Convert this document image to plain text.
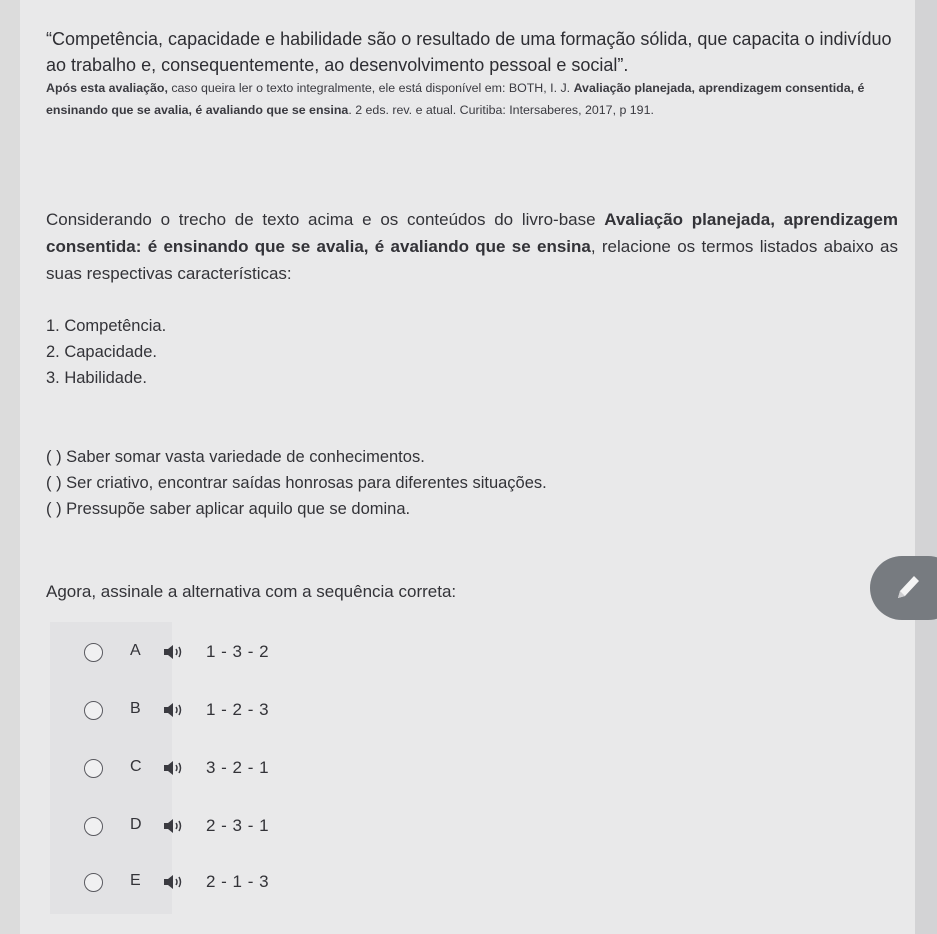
“Competência, capacidade e habilidade são o resultado de uma formação sólida, que capacita o indivíduo ao trabalho e, consequentemente, ao desenvolvimento pessoal e social”.
Após esta avaliação, caso queira ler o texto integralmente, ele está disponível em: BOTH, I. J. Avaliação planejada, aprendizagem consentida, é ensinando que se avalia, é avaliando que se ensina. 2 eds. rev. e atual. Curitiba: Intersaberes, 2017, p 191.
Considerando o trecho de texto acima e os conteúdos do livro-base Avaliação planejada, aprendizagem consentida: é ensinando que se avalia, é avaliando que se ensina, relacione os termos listados abaixo as suas respectivas características:
1. Competência.
2. Capacidade.
3. Habilidade.
( ) Saber somar vasta variedade de conhecimentos.
( ) Ser criativo, encontrar saídas honrosas para diferentes situações.
( ) Pressupõe saber aplicar aquilo que se domina.
Agora, assinale a alternativa com a sequência correta:
A	1 - 3 - 2
B	1 - 2 - 3
C	3 - 2 - 1
D	2 - 3 - 1
E	2 - 1 - 3
